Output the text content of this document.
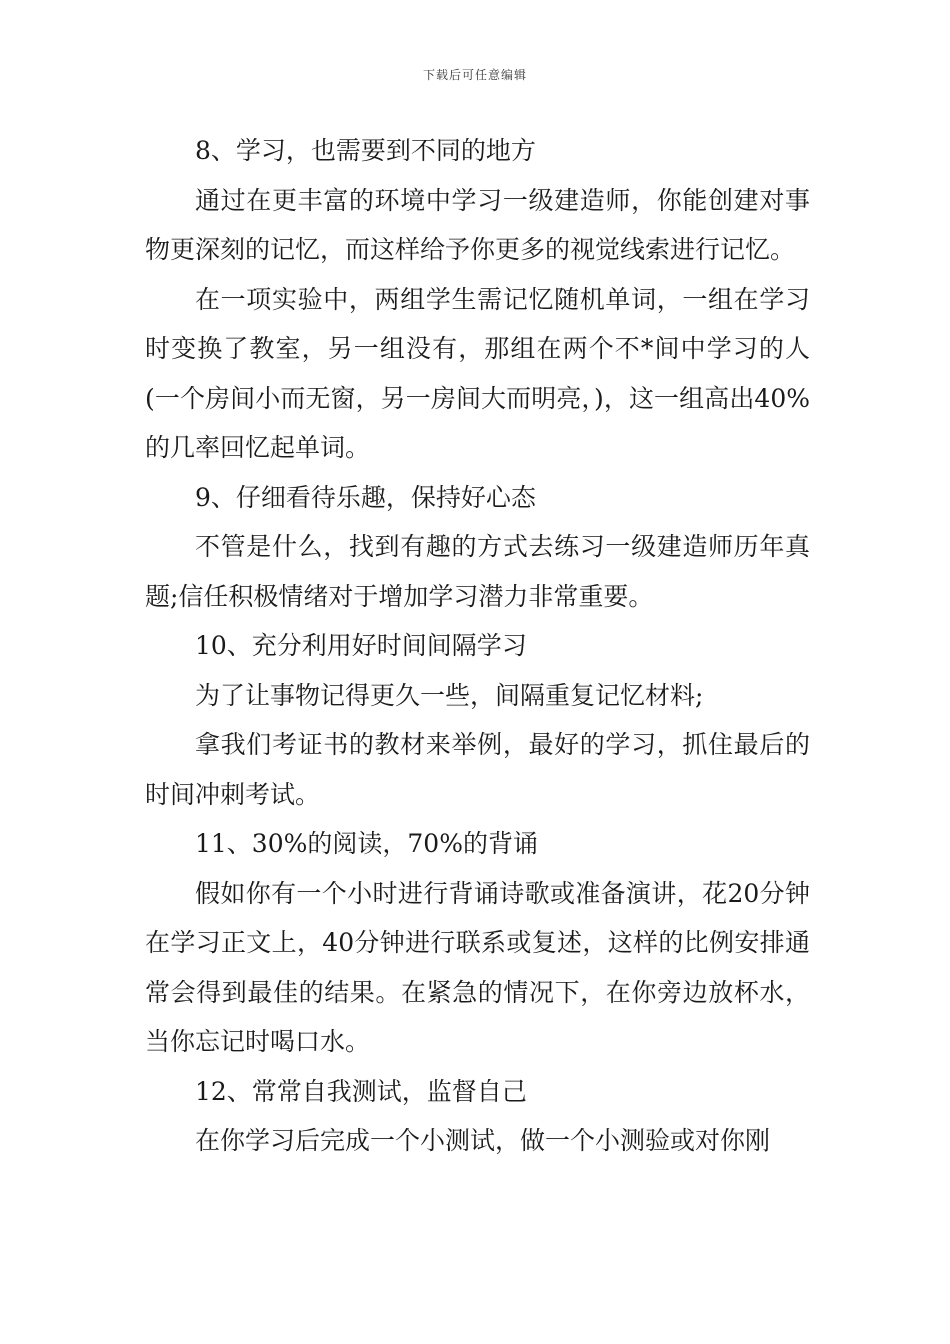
下载后可任意编辑

8、学习，也需要到不同的地方

通过在更丰富的环境中学习一级建造师，你能创建对事物更深刻的记忆，而这样给予你更多的视觉线索进行记忆。

在一项实验中，两组学生需记忆随机单词，一组在学习时变换了教室，另一组没有，那组在两个不*间中学习的人(一个房间小而无窗，另一房间大而明亮，)，这一组高出40%的几率回忆起单词。

9、仔细看待乐趣，保持好心态

不管是什么，找到有趣的方式去练习一级建造师历年真题;信任积极情绪对于增加学习潜力非常重要。

10、充分利用好时间间隔学习

为了让事物记得更久一些，间隔重复记忆材料;

拿我们考证书的教材来举例，最好的学习，抓住最后的时间冲刺考试。

11、30%的阅读，70%的背诵

假如你有一个小时进行背诵诗歌或准备演讲，花20分钟在学习正文上，40分钟进行联系或复述，这样的比例安排通常会得到最佳的结果。在紧急的情况下，在你旁边放杯水，当你忘记时喝口水。

12、常常自我测试，监督自己

在你学习后完成一个小测试，做一个小测验或对你刚
